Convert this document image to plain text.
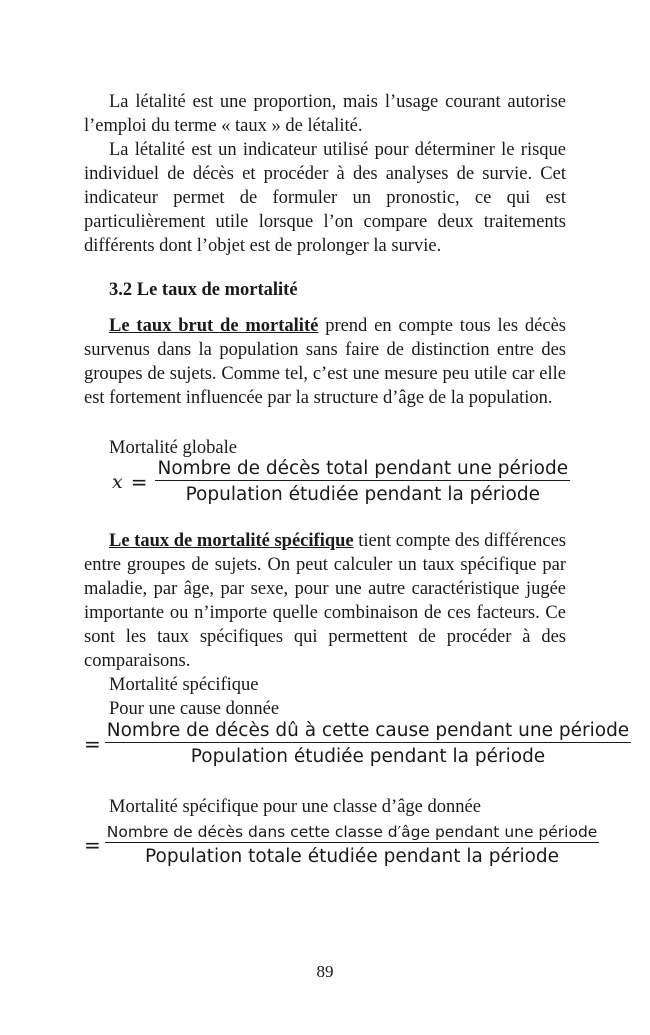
La létalité est une proportion, mais l’usage courant autorise l’emploi du terme « taux » de létalité.

La létalité est un indicateur utilisé pour déterminer le risque individuel de décès et procéder à des analyses de survie. Cet indicateur permet de formuler un pronostic, ce qui est particulièrement utile lorsque l’on compare deux traitements différents dont l’objet est de prolonger la survie.

3.2 Le taux de mortalité

Le taux brut de mortalité prend en compte tous les décès survenus dans la population sans faire de distinction entre des groupes de sujets. Comme tel, c’est une mesure peu utile car elle est fortement influencée par la structure d’âge de la population.

Mortalité globale
$x = \frac{\text{Nombre de décès total pendant une période}}{\text{Population étudiée pendant la période}}$

Le taux de mortalité spécifique tient compte des différences entre groupes de sujets. On peut calculer un taux spécifique par maladie, par âge, par sexe, pour une autre caractéristique jugée importante ou n’importe quelle combinaison de ces facteurs. Ce sont les taux spécifiques qui permettent de procéder à des comparaisons.

Mortalité spécifique
Pour une cause donnée
= $\frac{\text{Nombre de décès dû à cette cause pendant une période}}{\text{Population étudiée pendant la période}}$
Mortalité spécifique pour une classe d’âge donnée
= $\frac{\text{Nombre de décès dans cette classe d′âge pendant une période}}{\text{Population totale étudiée pendant la période}}$
89
